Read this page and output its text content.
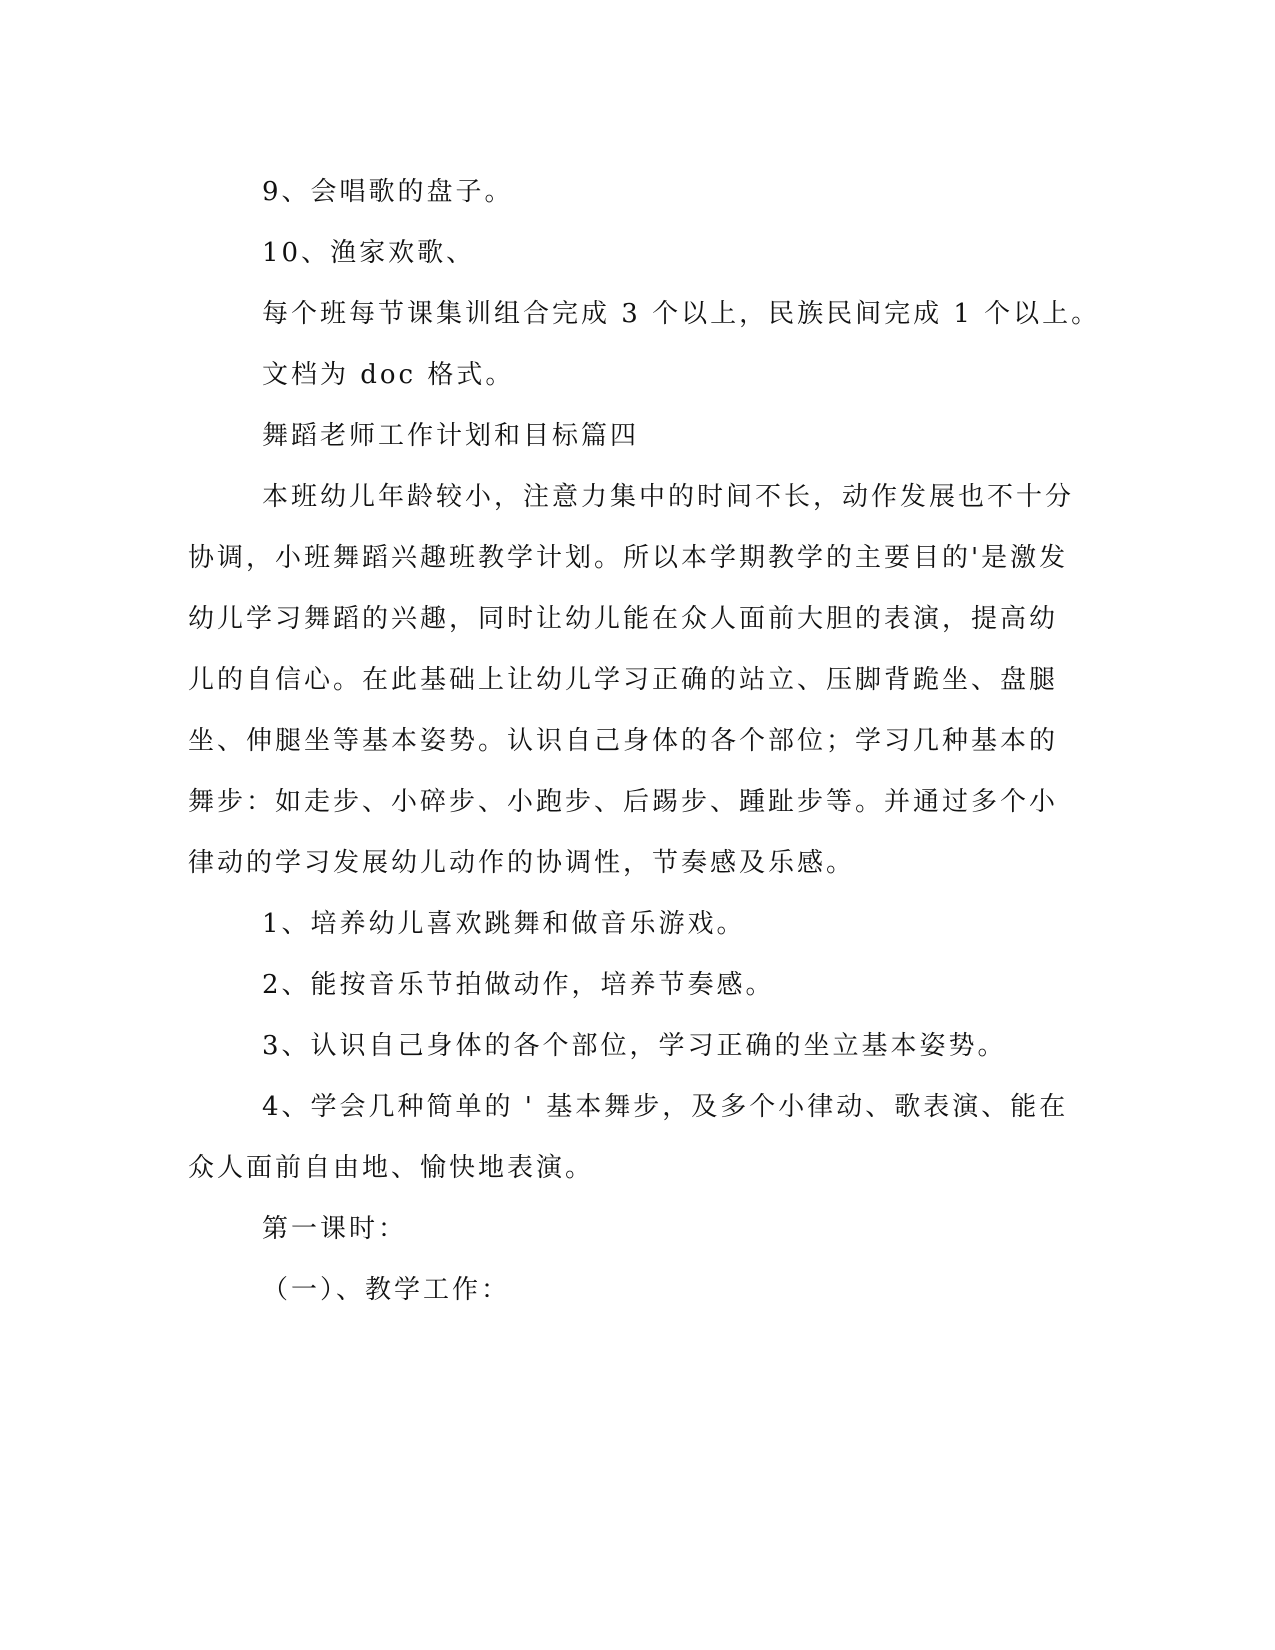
9、会唱歌的盘子。

10、渔家欢歌、

每个班每节课集训组合完成 3 个以上，民族民间完成 1 个以上。

文档为 doc 格式。

舞蹈老师工作计划和目标篇四

本班幼儿年龄较小，注意力集中的时间不长，动作发展也不十分

协调，小班舞蹈兴趣班教学计划。所以本学期教学的主要目的'是激发

幼儿学习舞蹈的兴趣，同时让幼儿能在众人面前大胆的表演，提高幼

儿的自信心。在此基础上让幼儿学习正确的站立、压脚背跪坐、盘腿

坐、伸腿坐等基本姿势。认识自己身体的各个部位；学习几种基本的

舞步：如走步、小碎步、小跑步、后踢步、踵趾步等。并通过多个小

律动的学习发展幼儿动作的协调性，节奏感及乐感。

1、培养幼儿喜欢跳舞和做音乐游戏。

2、能按音乐节拍做动作，培养节奏感。

3、认识自己身体的各个部位，学习正确的坐立基本姿势。

4、学会几种简单的 ' 基本舞步，及多个小律动、歌表演、能在

众人面前自由地、愉快地表演。

第一课时：

（一）、教学工作：
